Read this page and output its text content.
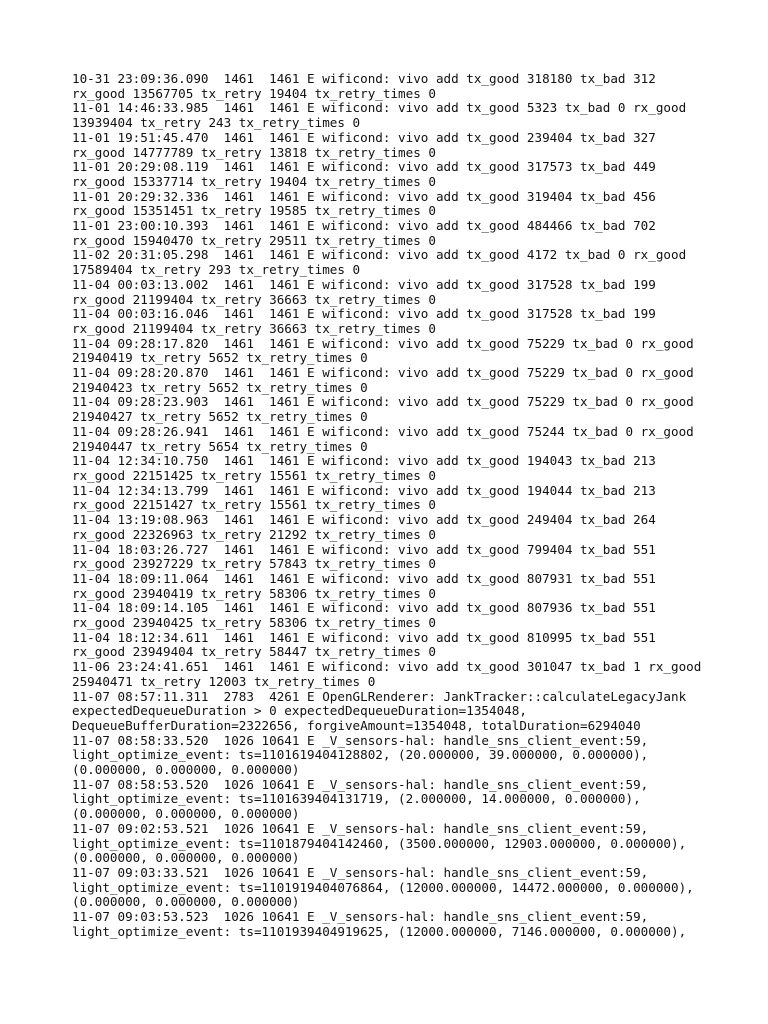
10-31 23:09:36.090  1461  1461 E wificond: vivo add tx_good 318180 tx_bad 312 rx_good 13567705 tx_retry 19404 tx_retry_times 0

11-01 14:46:33.985  1461  1461 E wificond: vivo add tx_good 5323 tx_bad 0 rx_good 13939404 tx_retry 243 tx_retry_times 0

11-01 19:51:45.470  1461  1461 E wificond: vivo add tx_good 239404 tx_bad 327 rx_good 14777789 tx_retry 13818 tx_retry_times 0

11-01 20:29:08.119  1461  1461 E wificond: vivo add tx_good 317573 tx_bad 449 rx_good 15337714 tx_retry 19404 tx_retry_times 0

11-01 20:29:32.336  1461  1461 E wificond: vivo add tx_good 319404 tx_bad 456 rx_good 15351451 tx_retry 19585 tx_retry_times 0

11-01 23:00:10.393  1461  1461 E wificond: vivo add tx_good 484466 tx_bad 702 rx_good 15940470 tx_retry 29511 tx_retry_times 0

11-02 20:31:05.298  1461  1461 E wificond: vivo add tx_good 4172 tx_bad 0 rx_good 17589404 tx_retry 293 tx_retry_times 0

11-04 00:03:13.002  1461  1461 E wificond: vivo add tx_good 317528 tx_bad 199 rx_good 21199404 tx_retry 36663 tx_retry_times 0

11-04 00:03:16.046  1461  1461 E wificond: vivo add tx_good 317528 tx_bad 199 rx_good 21199404 tx_retry 36663 tx_retry_times 0

11-04 09:28:17.820  1461  1461 E wificond: vivo add tx_good 75229 tx_bad 0 rx_good 21940419 tx_retry 5652 tx_retry_times 0

11-04 09:28:20.870  1461  1461 E wificond: vivo add tx_good 75229 tx_bad 0 rx_good 21940423 tx_retry 5652 tx_retry_times 0

11-04 09:28:23.903  1461  1461 E wificond: vivo add tx_good 75229 tx_bad 0 rx_good 21940427 tx_retry 5652 tx_retry_times 0

11-04 09:28:26.941  1461  1461 E wificond: vivo add tx_good 75244 tx_bad 0 rx_good 21940447 tx_retry 5654 tx_retry_times 0

11-04 12:34:10.750  1461  1461 E wificond: vivo add tx_good 194043 tx_bad 213 rx_good 22151425 tx_retry 15561 tx_retry_times 0

11-04 12:34:13.799  1461  1461 E wificond: vivo add tx_good 194044 tx_bad 213 rx_good 22151427 tx_retry 15561 tx_retry_times 0

11-04 13:19:08.963  1461  1461 E wificond: vivo add tx_good 249404 tx_bad 264 rx_good 22326963 tx_retry 21292 tx_retry_times 0

11-04 18:03:26.727  1461  1461 E wificond: vivo add tx_good 799404 tx_bad 551 rx_good 23927229 tx_retry 57843 tx_retry_times 0

11-04 18:09:11.064  1461  1461 E wificond: vivo add tx_good 807931 tx_bad 551 rx_good 23940419 tx_retry 58306 tx_retry_times 0

11-04 18:09:14.105  1461  1461 E wificond: vivo add tx_good 807936 tx_bad 551 rx_good 23940425 tx_retry 58306 tx_retry_times 0

11-04 18:12:34.611  1461  1461 E wificond: vivo add tx_good 810995 tx_bad 551 rx_good 23949404 tx_retry 58447 tx_retry_times 0

11-06 23:24:41.651  1461  1461 E wificond: vivo add tx_good 301047 tx_bad 1 rx_good 25940471 tx_retry 12003 tx_retry_times 0

11-07 08:57:11.311  2783  4261 E OpenGLRenderer: JankTracker::calculateLegacyJank expectedDequeueDuration > 0 expectedDequeueDuration=1354048, DequeueBufferDuration=2322656, forgiveAmount=1354048, totalDuration=6294040

11-07 08:58:33.520  1026 10641 E _V_sensors-hal: handle_sns_client_event:59, light_optimize_event: ts=1101619404128802, (20.000000, 39.000000, 0.000000), (0.000000, 0.000000, 0.000000)

11-07 08:58:53.520  1026 10641 E _V_sensors-hal: handle_sns_client_event:59, light_optimize_event: ts=1101639404131719, (2.000000, 14.000000, 0.000000), (0.000000, 0.000000, 0.000000)

11-07 09:02:53.521  1026 10641 E _V_sensors-hal: handle_sns_client_event:59, light_optimize_event: ts=1101879404142460, (3500.000000, 12903.000000, 0.000000), (0.000000, 0.000000, 0.000000)

11-07 09:03:33.521  1026 10641 E _V_sensors-hal: handle_sns_client_event:59, light_optimize_event: ts=1101919404076864, (12000.000000, 14472.000000, 0.000000), (0.000000, 0.000000, 0.000000)

11-07 09:03:53.523  1026 10641 E _V_sensors-hal: handle_sns_client_event:59, light_optimize_event: ts=1101939404919625, (12000.000000, 7146.000000, 0.000000),
